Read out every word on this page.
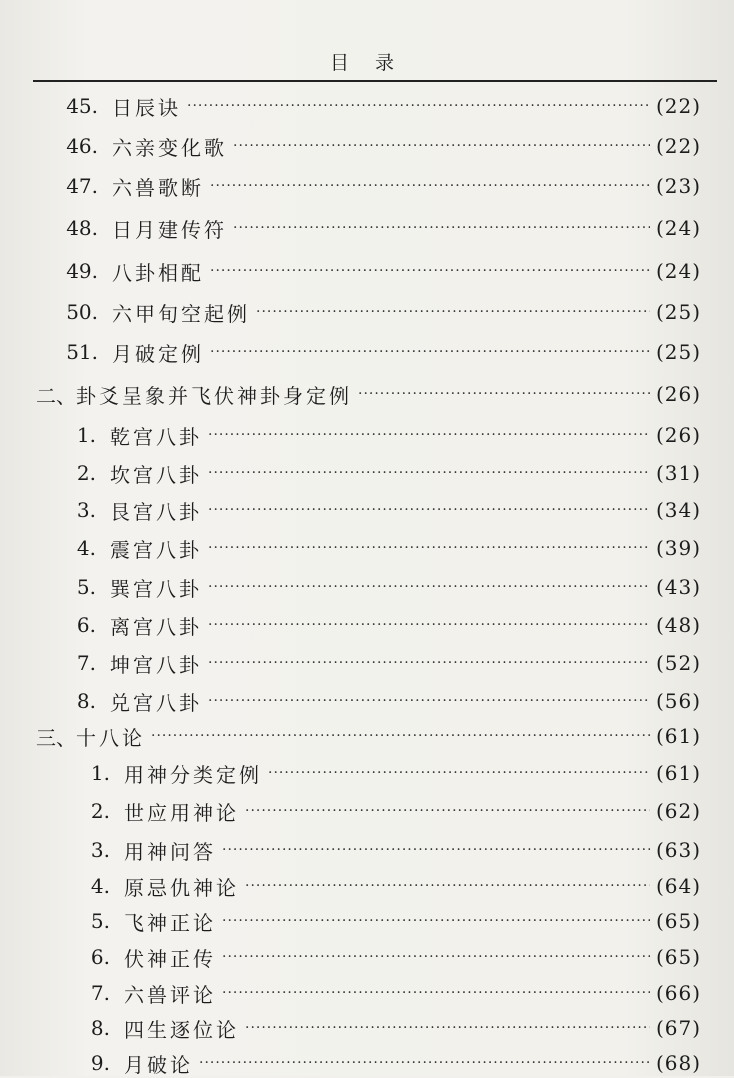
目 录
45. 日辰诀 ·····	(22)
46. 六亲变化歌 ·····	(22)
47. 六兽歌断 ·····	(23)
48. 日月建传符 ·····	(24)
49. 八卦相配 ·····	(24)
50. 六甲旬空起例 ·····	(25)
51. 月破定例 ·····	(25)
二、 卦爻呈象并飞伏神卦身定例 ·····	(26)
1. 乾宫八卦 ·····	(26)
2. 坎宫八卦 ·····	(31)
3. 艮宫八卦 ·····	(34)
4. 震宫八卦 ·····	(39)
5. 巽宫八卦 ·····	(43)
6. 离宫八卦 ·····	(48)
7. 坤宫八卦 ·····	(52)
8. 兑宫八卦 ·····	(56)
三、 十八论 ·····	(61)
1. 用神分类定例 ·····	(61)
2. 世应用神论 ·····	(62)
3. 用神问答 ·····	(63)
4. 原忌仇神论 ·····	(64)
5. 飞神正论 ·····	(65)
6. 伏神正传 ·····	(65)
7. 六兽评论 ·····	(66)
8. 四生逐位论 ·····	(67)
9. 月破论 ·····	(68)
